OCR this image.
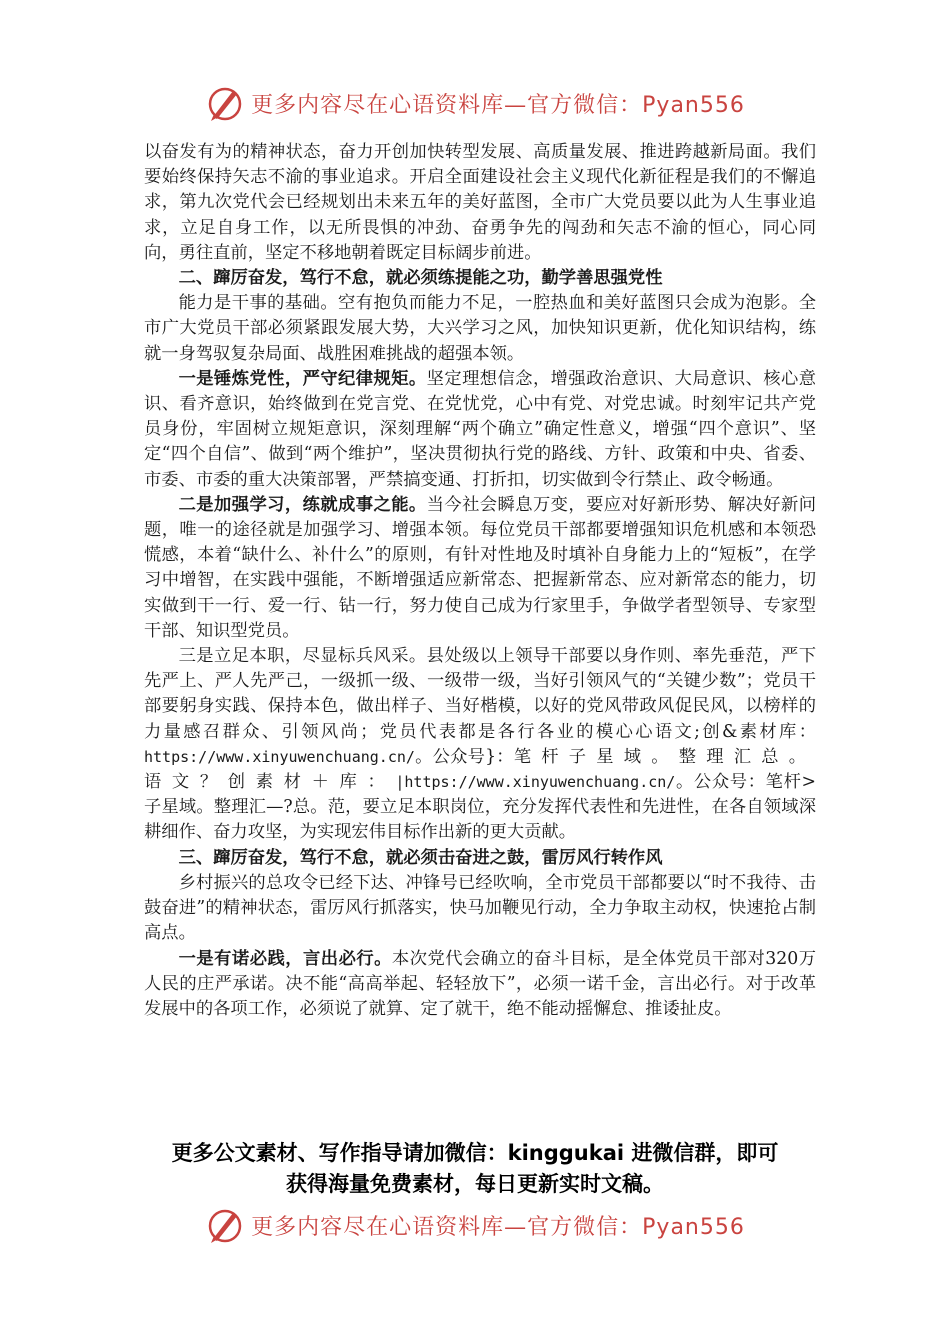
更多内容尽在心语资料库—官方微信：Pyan556

以奋发有为的精神状态，奋力开创加快转型发展、高质量发展、推进跨越新局面。我们要始终保持矢志不渝的事业追求。开启全面建设社会主义现代化新征程是我们的不懈追求，第九次党代会已经规划出未来五年的美好蓝图，全市广大党员要以此为人生事业追求，立足自身工作，以无所畏惧的冲劲、奋勇争先的闯劲和矢志不渝的恒心，同心同向，勇往直前，坚定不移地朝着既定目标阔步前进。

二、蹿厉奋发，笃行不怠，就必须练提能之功，勤学善思强党性

能力是干事的基础。空有抱负而能力不足，一腔热血和美好蓝图只会成为泡影。全市广大党员干部必须紧跟发展大势，大兴学习之风，加快知识更新，优化知识结构，练就一身驾驭复杂局面、战胜困难挑战的超强本领。

一是锤炼党性，严守纪律规矩。坚定理想信念，增强政治意识、大局意识、核心意识、看齐意识，始终做到在党言党、在党忧党，心中有党、对党忠诚。时刻牢记共产党员身份，牢固树立规矩意识，深刻理解“两个确立”确定性意义，增强“四个意识”、坚定“四个自信”、做到“两个维护”，坚决贯彻执行党的路线、方针、政策和中央、省委、市委、市委的重大决策部署，严禁搞变通、打折扣，切实做到令行禁止、政令畅通。

二是加强学习，练就成事之能。当今社会瞬息万变，要应对好新形势、解决好新问题，唯一的途径就是加强学习、增强本领。每位党员干部都要增强知识危机感和本领恐慌感，本着“缺什么、补什么”的原则，有针对性地及时填补自身能力上的“短板”，在学习中增智，在实践中强能，不断增强适应新常态、把握新常态、应对新常态的能力，切实做到干一行、爱一行、钻一行，努力使自己成为行家里手，争做学者型领导、专家型干部、知识型党员。

三是立足本职，尽显标兵风采。县处级以上领导干部要以身作则、率先垂范，严下先严上、严人先严己，一级抓一级、一级带一级，当好引领风气的“关键少数”；党员干部要躬身实践、保持本色，做出样子、当好楷模，以好的党风带政风促民风，以榜样的力量感召群众、引领风尚；党员代表都是各行各业的模心心语文;创&素材库：https://www.xinyuwenchuang.cn/。公众号}：笔杆子星域。整理汇总。语文？创素材＋库：|https://www.xinyuwenchuang.cn/。公众号：笔杆>子星域。整理汇—?总。范，要立足本职岗位，充分发挥代表性和先进性，在各自领域深耕细作、奋力攻坚，为实现宏伟目标作出新的更大贡献。

三、蹿厉奋发，笃行不怠，就必须击奋进之鼓，雷厉风行转作风

乡村振兴的总攻令已经下达、冲锋号已经吹响，全市党员干部都要以“时不我待、击鼓奋进”的精神状态，雷厉风行抓落实，快马加鞭见行动，全力争取主动权，快速抢占制高点。

一是有诺必践，言出必行。本次党代会确立的奋斗目标，是全体党员干部对320万人民的庄严承诺。决不能“高高举起、轻轻放下”，必须一诺千金，言出必行。对于改革发展中的各项工作，必须说了就算、定了就干，绝不能动摇懈怠、推诿扯皮。

更多公文素材、写作指导请加微信：kinggukai 进微信群，即可
获得海量免费素材，每日更新实时文稿。
更多内容尽在心语资料库—官方微信：Pyan556
